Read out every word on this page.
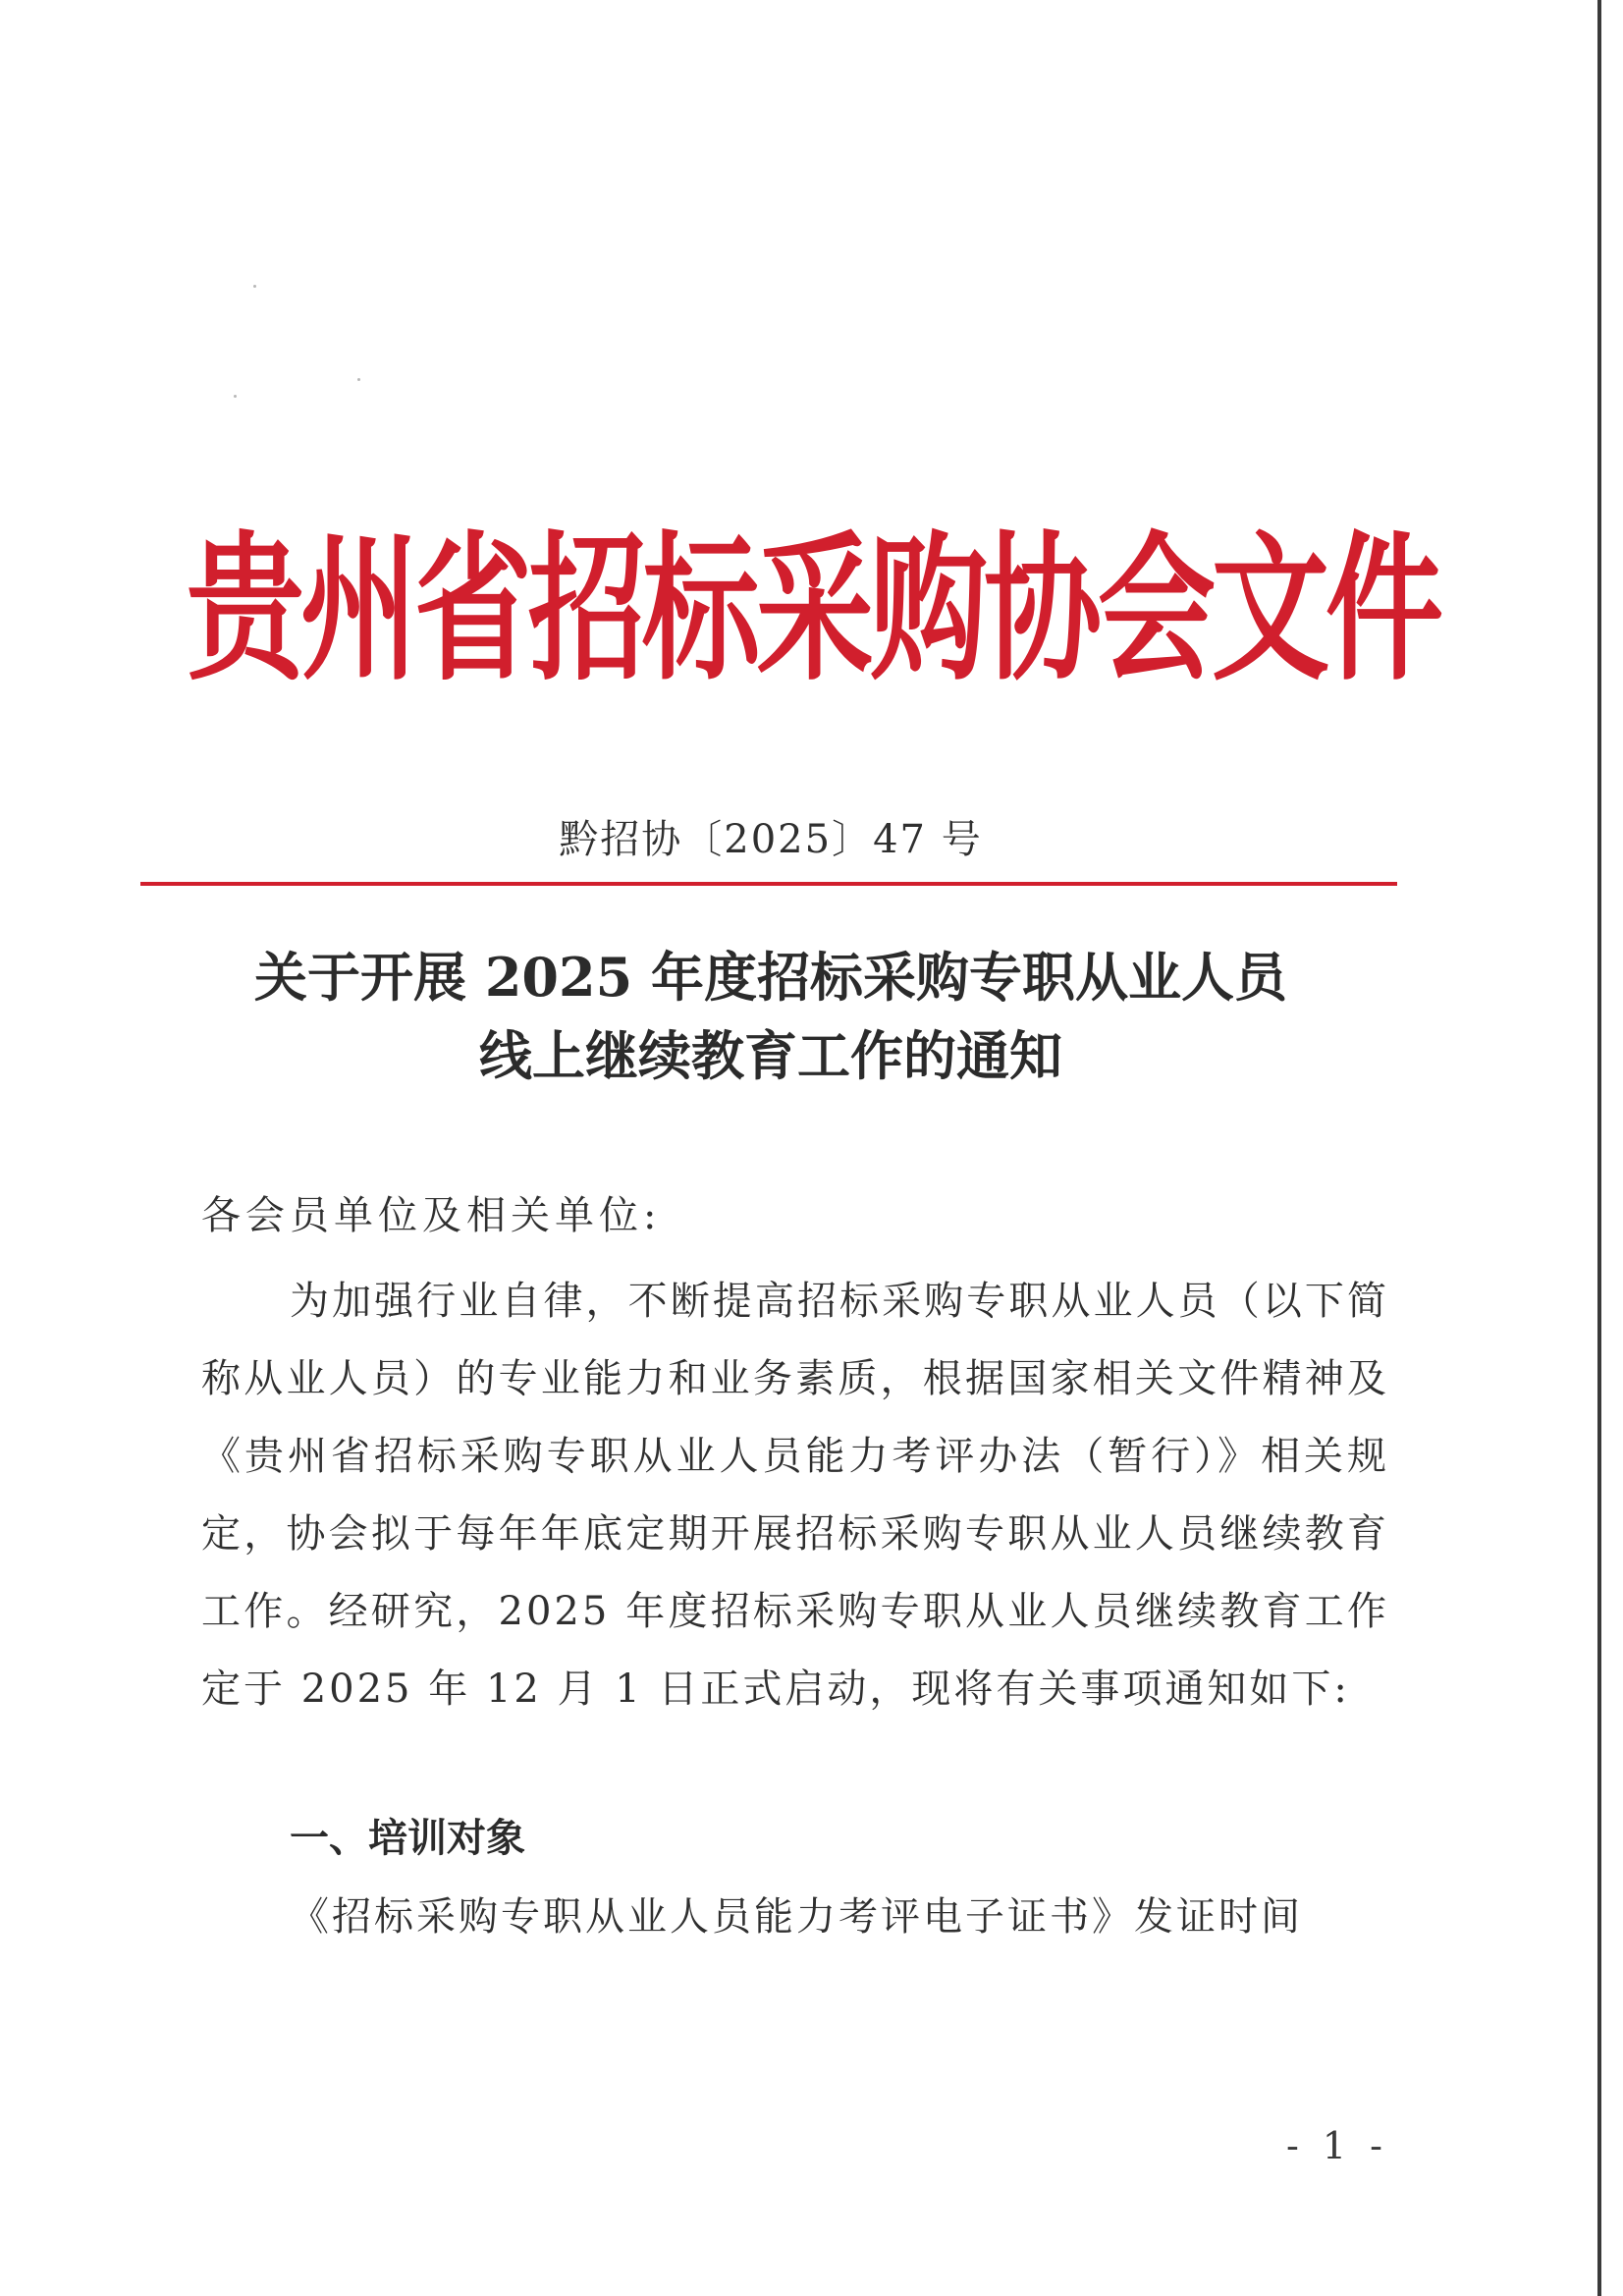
贵州省招标采购协会文件
黔招协〔2025〕47 号
关于开展 2025 年度招标采购专职从业人员
线上继续教育工作的通知
各会员单位及相关单位:
为加强行业自律，不断提高招标采购专职从业人员（以下简称从业人员）的专业能力和业务素质，根据国家相关文件精神及《贵州省招标采购专职从业人员能力考评办法（暂行）》相关规定，协会拟于每年年底定期开展招标采购专职从业人员继续教育工作。经研究，2025 年度招标采购专职从业人员继续教育工作定于 2025 年 12 月 1 日正式启动，现将有关事项通知如下:
一、培训对象
《招标采购专职从业人员能力考评电子证书》发证时间
- 1 -
